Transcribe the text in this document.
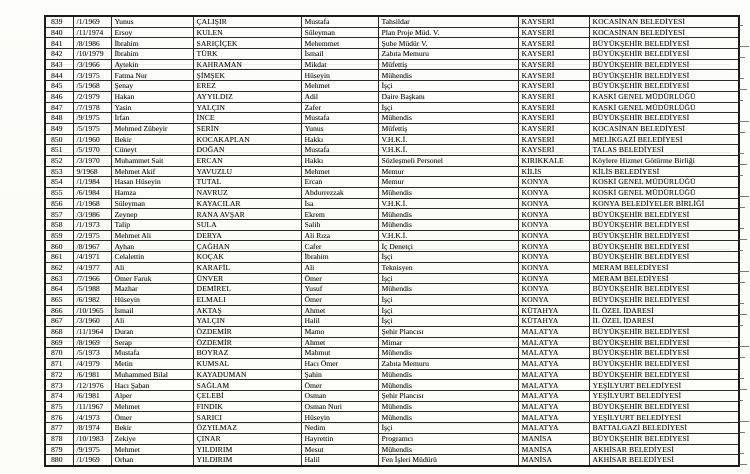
839	/1/1969	Yunus	ÇALIŞIR	Mustafa	Tahsildar	KAYSERİ	KOCASİNAN BELEDİYESİ
840	/11/1974	Ersoy	KULEN	Süleyman	Plan Proje Müd. V.	KAYSERİ	KOCASİNAN BELEDİYESİ
841	/8/1986	İbrahim	SARIÇİÇEK	Mehemmet	Şube Müdür V.	KAYSERİ	BÜYÜKŞEHİR BELEDİYESİ
842	/10/1979	İbrahim	TÜRK	İsmail	Zabıta Memuru	KAYSERİ	BÜYÜKŞEHİR BELEDİYESİ
843	/3/1966	Aytekin	KAHRAMAN	Mikdat	Müfettiş	KAYSERİ	BÜYÜKŞEHİR BELEDİYESİ
844	/3/1975	Fatma Nur	ŞİMŞEK	Hüseyin	Mühendis	KAYSERİ	BÜYÜKŞEHİR BELEDİYESİ
845	/5/1968	Şenay	EREZ	Mehmet	İşçi	KAYSERİ	BÜYÜKŞEHİR BELEDİYESİ
846	/2/1979	Hakan	AYYILDIZ	Adil	Daire Başkanı	KAYSERİ	KASKİ GENEL MÜDÜRLÜĞÜ
847	/7/1978	Yasin	YALÇIN	Zafer	İşçi	KAYSERİ	KASKİ GENEL MÜDÜRLÜĞÜ
848	/9/1975	İrfan	İNCE	Mustafa	Mühendis	KAYSERİ	BÜYÜKŞEHİR BELEDİYESİ
849	/5/1975	Mehmed Zübeyir	SERİN	Yunus	Müfettiş	KAYSERİ	KOCASİNAN BELEDİYESİ
850	/1/1960	Bekir	KOCAKAPLAN	Hakkı	V.H.K.İ.	KAYSERİ	MELİKGAZİ BELEDİYESİ
851	/5/1970	Cüneyt	DOĞAN	Mustafa	V.H.K.İ.	KAYSERİ	TALAS BELEDİYESİ
852	/3/1970	Muhammet Sait	ERCAN	Hakkı	Sözleşmeli Personel	KIRIKKALE	Köylere Hizmet Götürme Birliği
853	9/1968	Mehmet Akif	YAVUZLU	Mehmet	Memur	KİLİS	KİLİS BELEDİYESİ
854	/1/1984	Hasan Hüseyin	TUTAL	Ercan	Memur	KONYA	KOSKİ GENEL MÜDÜRLÜĞÜ
855	/6/1984	Hamza	NAVRUZ	Abdurrezzak	Mühendis	KONYA	KOSKİ GENEL MÜDÜRLÜĞÜ
856	/1/1968	Süleyman	KAYACILAR	İsa	V.H.K.İ.	KONYA	KONYA BELEDİYELER BİRLİĞİ
857	/3/1986	Zeynep	RANA AVŞAR	Ekrem	Mühendis	KONYA	BÜYÜKŞEHİR BELEDİYESİ
858	/1/1973	Talip	SULA	Salih	Mühendis	KONYA	BÜYÜKŞEHİR BELEDİYESİ
859	/2/1975	Mehmet Ali	DERYA	Ali Rıza	V.H.K.İ.	KONYA	BÜYÜKŞEHİR BELEDİYESİ
860	/8/1967	Ayhan	ÇAĞHAN	Cafer	İç Denetçi	KONYA	BÜYÜKŞEHİR BELEDİYESİ
861	/4/1971	Celalettin	KOÇAK	İbrahim	İşçi	KONYA	BÜYÜKŞEHİR BELEDİYESİ
862	/4/1977	Ali	KARAFİL	Ali	Teknisyen	KONYA	MERAM BELEDİYESİ
863	/7/1966	Ömer Faruk	ÜNVER	Ömer	İşçi	KONYA	MERAM BELEDİYESİ
864	/5/1988	Mazhar	DEMİREL	Yusuf	Mühendis	KONYA	BÜYÜKŞEHİR BELEDİYESİ
865	/6/1982	Hüseyin	ELMALI	Ömer	İşçi	KONYA	BÜYÜKŞEHİR BELEDİYESİ
866	/10/1965	İsmail	AKTAŞ	Ahmet	İşçi	KÜTAHYA	İL ÖZEL İDARESİ
867	/3/1960	Ali	YALÇIN	Halil	İşçi	KÜTAHYA	İL ÖZEL İDARESİ
868	/11/1964	Duran	ÖZDEMİR	Mamo	Şehir Plancısı	MALATYA	BÜYÜKŞEHİR BELEDİYESİ
869	/8/1969	Serap	ÖZDEMİR	Ahmet	Mimar	MALATYA	BÜYÜKŞEHİR BELEDİYESİ
870	/5/1973	Mustafa	BOYRAZ	Mahmut	Mühendis	MALATYA	BÜYÜKŞEHİR BELEDİYESİ
871	/4/1979	Metin	KUMSAL	Hacı Ömer	Zabıta Memuru	MALATYA	BÜYÜKŞEHİR BELEDİYESİ
872	/6/1981	Muhammed Bilal	KAYADUMAN	Şahin	Mühendis	MALATYA	BÜYÜKŞEHİR BELEDİYESİ
873	/12/1976	Hacı Şaban	SAĞLAM	Ömer	Mühendis	MALATYA	YEŞİLYURT BELEDİYESİ
874	/6/1981	Alper	ÇELEBİ	Osman	Şehir Plancısı	MALATYA	YEŞİLYURT BELEDİYESİ
875	/11/1967	Mehmet	FINDIK	Osman Nuri	Mühendis	MALATYA	BÜYÜKŞEHİR BELEDİYESİ
876	/4/1973	Ömer	SARICI	Hüseyin	Mühendis	MALATYA	YEŞİLYURT BELEDİYESİ
877	/8/1974	Bekir	ÖZYILMAZ	Nedim	İşçi	MALATYA	BATTALGAZİ BELEDİYESİ
878	/10/1983	Zekiye	ÇINAR	Hayrettin	Programcı	MANİSA	BÜYÜKŞEHİR BELEDİYESİ
879	/9/1975	Mehmet	YILDIRIM	Mesut	Mühendis	MANİSA	AKHİSAR BELEDİYESİ
880	/1/1969	Orhan	YILDIRIM	Halil	Fen İşleri Müdürü	MANİSA	AKHİSAR BELEDİYESİ
